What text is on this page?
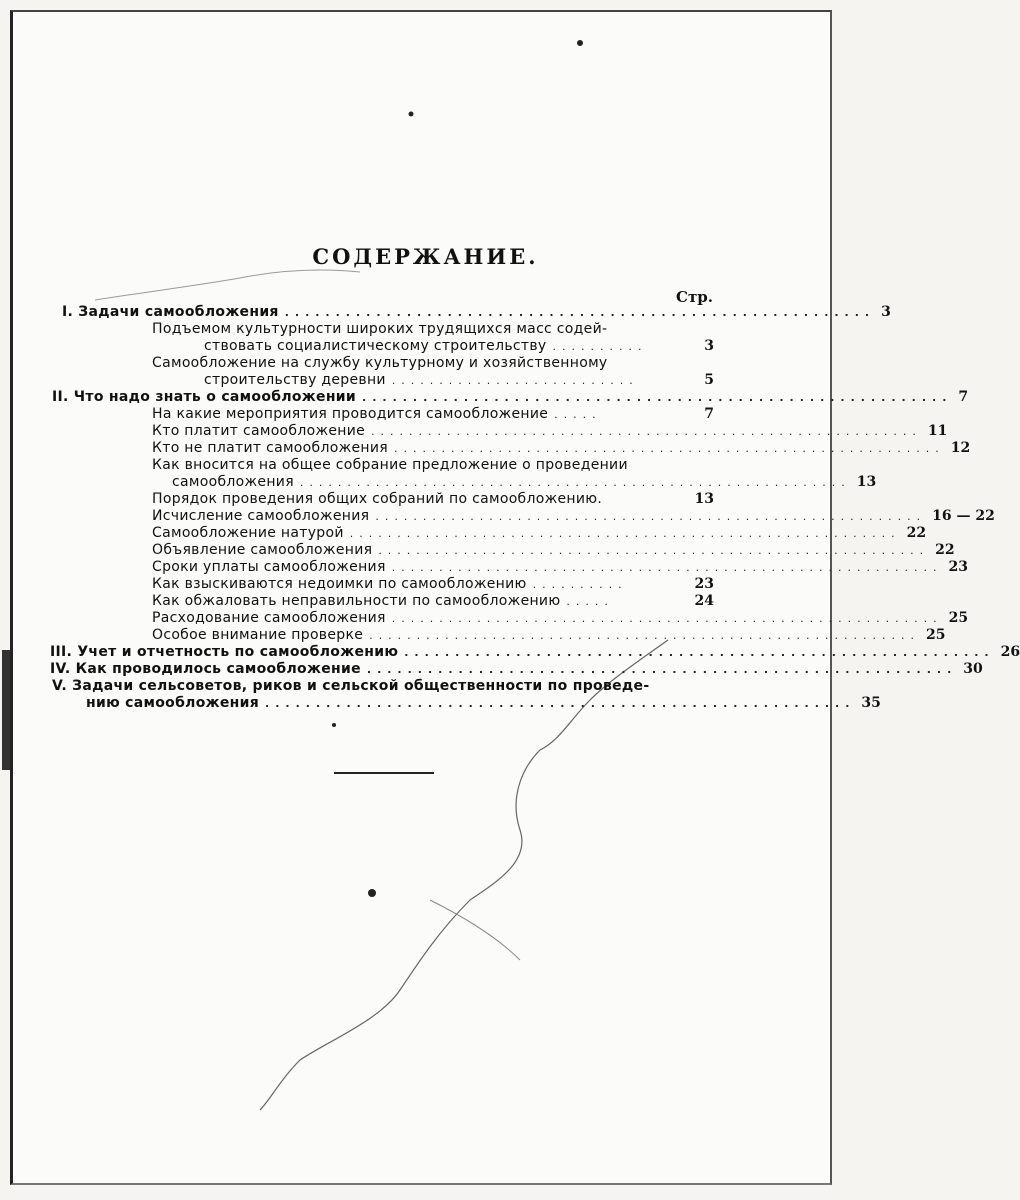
СОДЕРЖАНИЕ.
Стр.
I. Задачи самообложения .......................................................... 3
Подъемом культурности широких трудящихся масс содей-
ствовать социалистическому строительству ..........	3
Самообложение на службу культурному и хозяйственному
строительству деревни ..........................	5
II. Что надо знать о самообложении .......................................................... 7
На какие мероприятия проводится самообложение .....	7
Кто платит самообложение .......................................................... 11
Кто не платит самообложения .......................................................... 12
Как вносится на общее собрание предложение о проведении
самообложения .......................................................... 13
Порядок проведения общих собраний по самообложению.	13
Исчисление самообложения .......................................................... 16 — 22
Самообложение натурой .......................................................... 22
Объявление самообложения .......................................................... 22
Сроки уплаты самообложения .......................................................... 23
Как взыскиваются недоимки по самообложению ..........	23
Как обжаловать неправильности по самообложению .....	24
Расходование самообложения .......................................................... 25
Особое внимание проверке .......................................................... 25
III. Учет и отчетность по самообложению .......................................................... 26
IV. Как проводилось самообложение .......................................................... 30
V. Задачи сельсоветов, риков и сельской общественности по проведе-
нию самообложения .......................................................... 35
